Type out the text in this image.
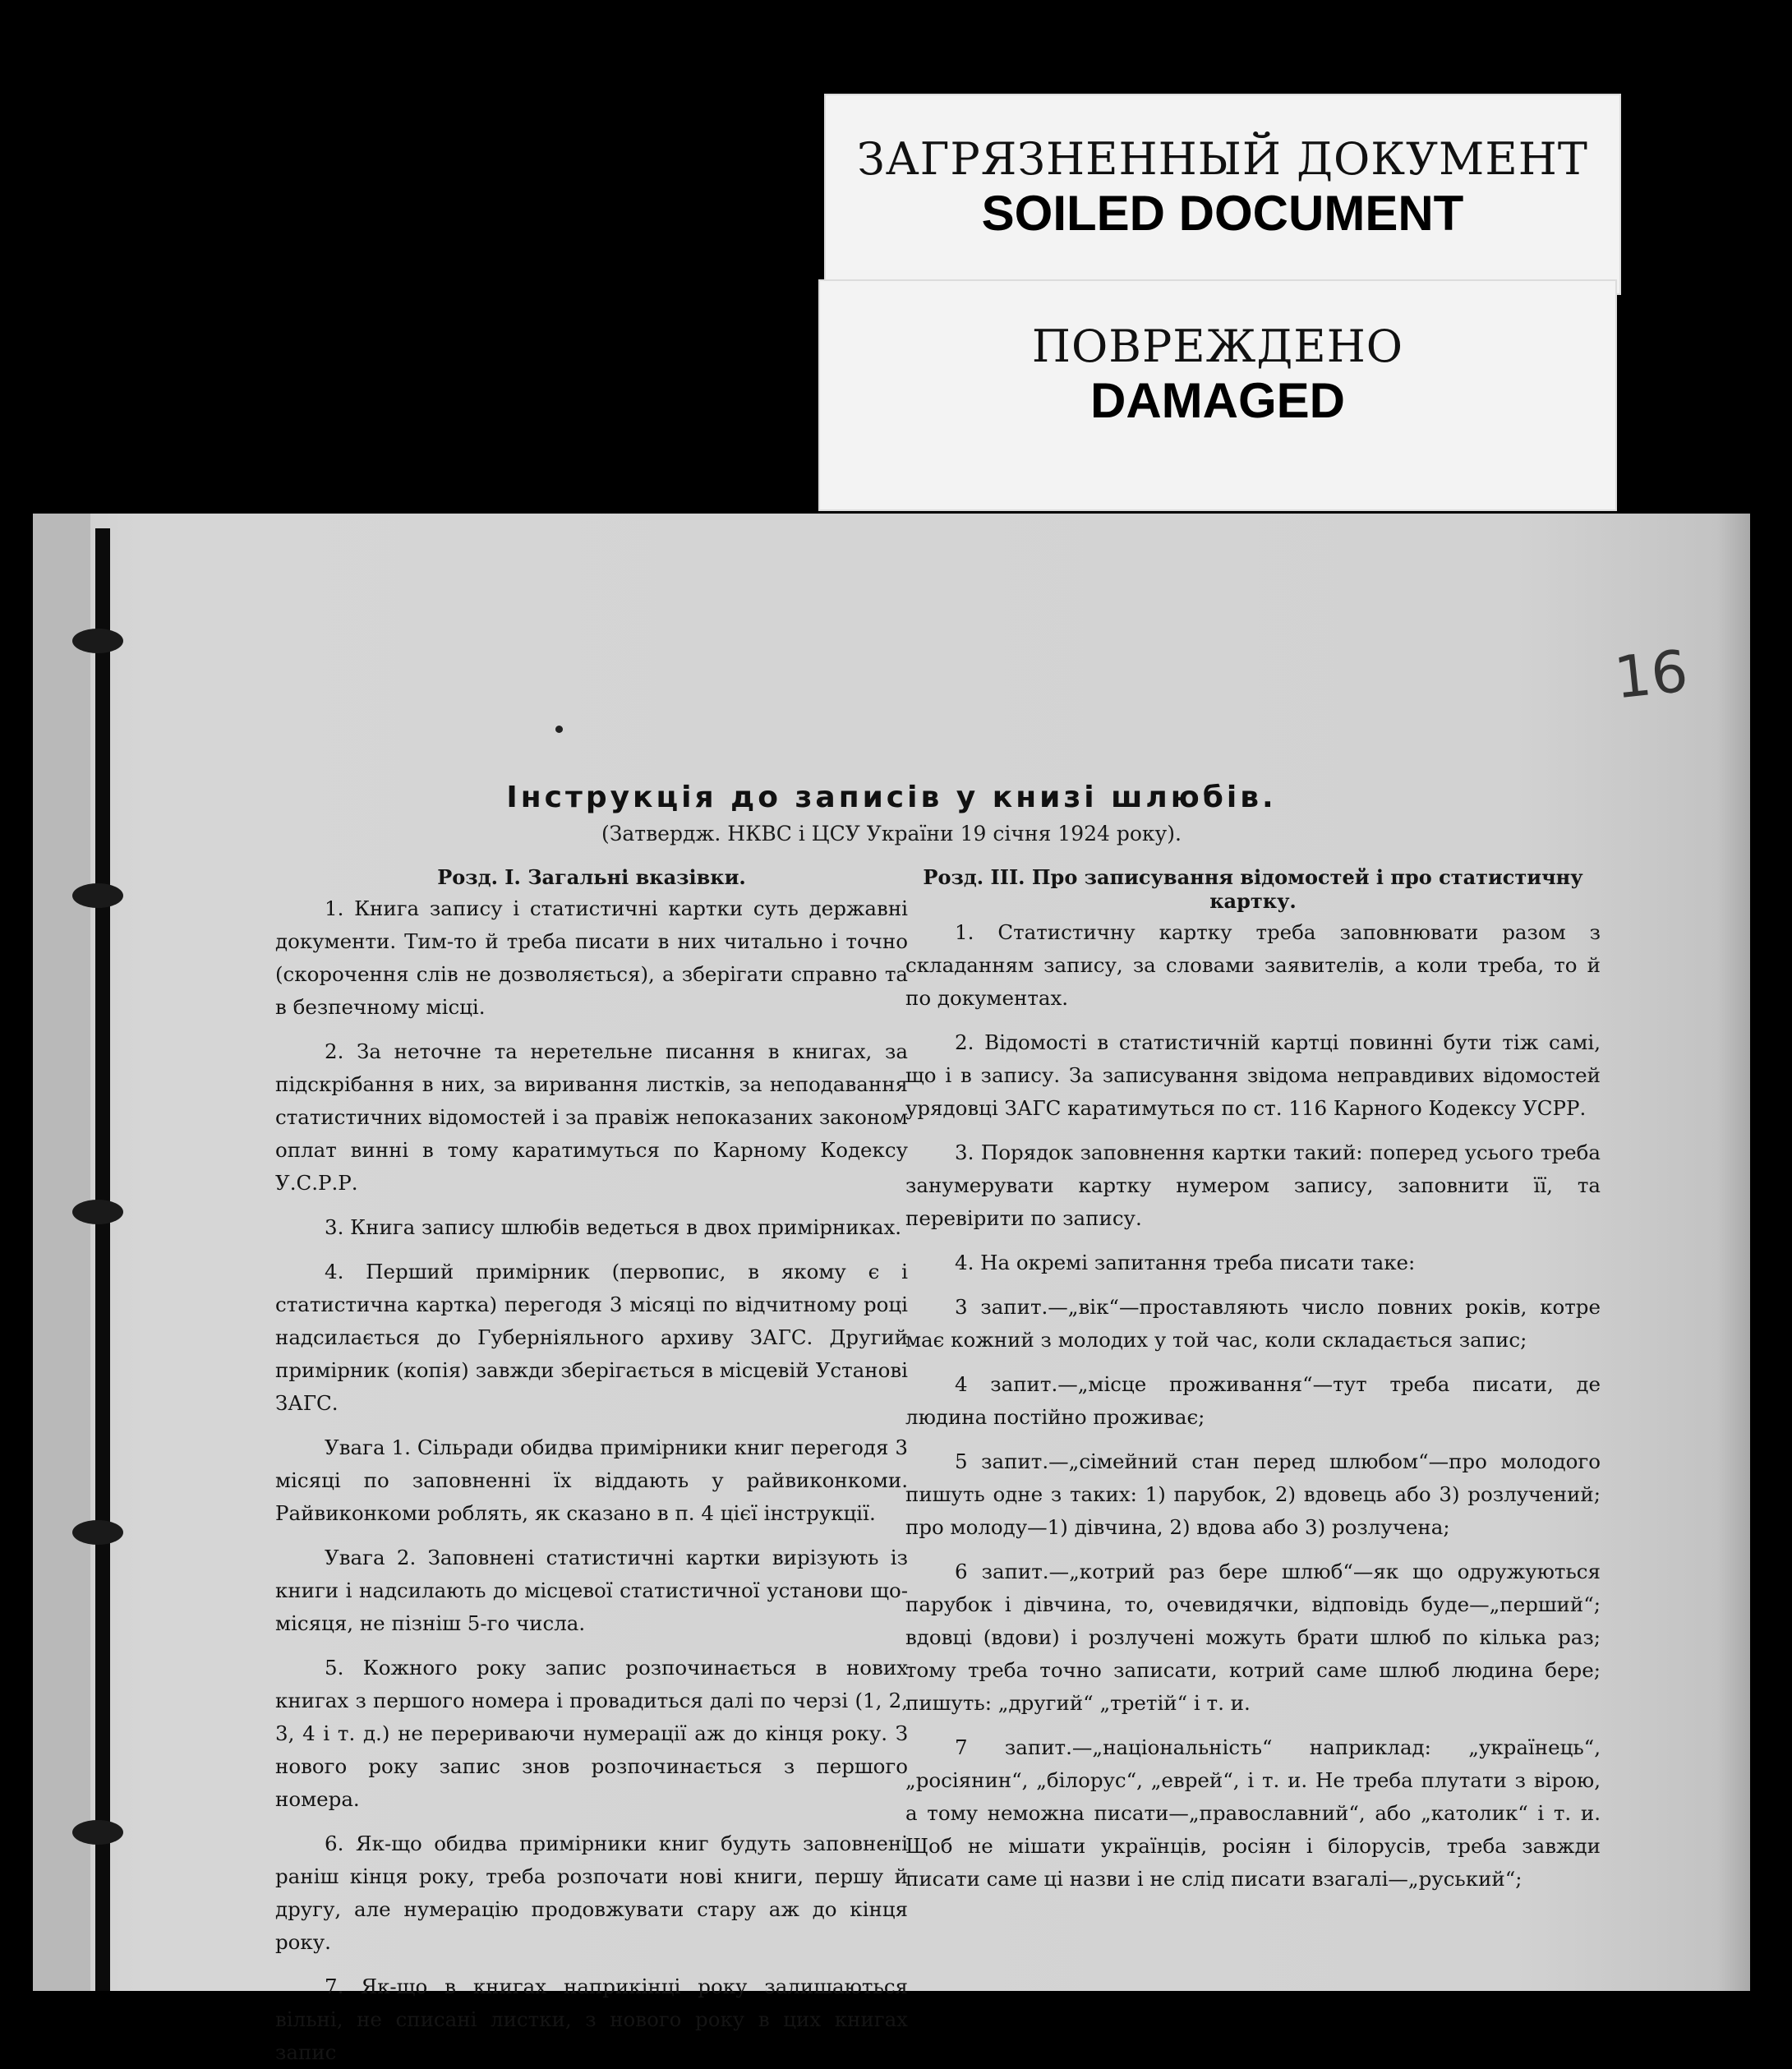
ЗАГРЯЗНЕННЫЙ ДОКУМЕНТ
SOILED DOCUMENT
ПОВРЕЖДЕНО
DAMAGED
16
Інструкція до записів у книзі шлюбів.
(Затвердж. НКВС і ЦСУ України 19 січня 1924 року).
Розд. І. Загальні вказівки.

1. Книга запису і статистичні картки суть державні документи. Тим-то й треба писати в них читально і точно (скорочення слів не дозволяється), а зберігати справно та в безпечному місці.

2. За неточне та неретельне писання в книгах, за підскрібання в них, за виривання листків, за неподавання статистичних відомостей і за правіж непоказаних законом оплат винні в тому каратимуться по Карному Кодексу У.С.Р.Р.

3. Книга запису шлюбів ведеться в двох примірниках.

4. Перший примірник (первопис, в якому є і статистична картка) перегодя 3 місяці по відчитному році надсилається до Губерніяльного архиву ЗАГС. Другий примірник (копія) завжди зберігається в місцевій Установі ЗАГС.

Увага 1. Сільради обидва примірники книг перегодя 3 місяці по заповненні їх віддають у райвиконкоми. Райвиконкоми роблять, як сказано в п. 4 цієї інструкції.

Увага 2. Заповнені статистичні картки вирізують із книги і надсилають до місцевої статистичної установи що-місяця, не пізніш 5-го числа.

5. Кожного року запис розпочинається в нових книгах з першого номера і провадиться далі по черзі (1, 2, 3, 4 і т. д.) не перериваючи нумерації аж до кінця року. З нового року запис знов розпочинається з першого номера.

6. Як-що обидва примірники книг будуть заповнені раніш кінця року, треба розпочати нові книги, першу й другу, але нумерацію продовжувати стару аж до кінця року.

7. Як-що в книгах наприкінці року залишаються вільні, не списані листки, з нового року в цих книгах запис

Розд. III. Про записування відомостей і про статистичну картку.

1. Статистичну картку треба заповнювати разом з складанням запису, за словами заявителів, а коли треба, то й по документах.

2. Відомості в статистичній картці повинні бути тіж самі, що і в запису. За записування звідома неправдивих відомостей урядовці ЗАГС каратимуться по ст. 116 Карного Кодексу УСРР.

3. Порядок заповнення картки такий: поперед усього треба занумерувати картку нумером запису, заповнити її, та перевірити по запису.

4. На окремі запитання треба писати таке:

3 запит.—„вік“—проставляють число повних років, котре має кожний з молодих у той час, коли складається запис;

4 запит.—„місце проживання“—тут треба писати, де людина постійно проживає;

5 запит.—„сімейний стан перед шлюбом“—про молодого пишуть одне з таких: 1) парубок, 2) вдовець або 3) розлучений; про молоду—1) дівчина, 2) вдова або 3) розлучена;

6 запит.—„котрий раз бере шлюб“—як що одружуються парубок і дівчина, то, очевидячки, відповідь буде—„перший“; вдовці (вдови) і розлучені можуть брати шлюб по кілька раз; тому треба точно записати, котрий саме шлюб людина бере; пишуть: „другий“ „третій“ і т. и.

7 запит.—„національність“ наприклад: „українець“, „росіянин“, „білорус“, „еврей“, і т. и. Не треба плутати з вірою, а тому неможна писати—„православний“, або „католик“ і т. и. Щоб не мішати українців, росіян і білорусів, треба завжди писати саме ці назви і не слід писати взагалі—„руський“;
